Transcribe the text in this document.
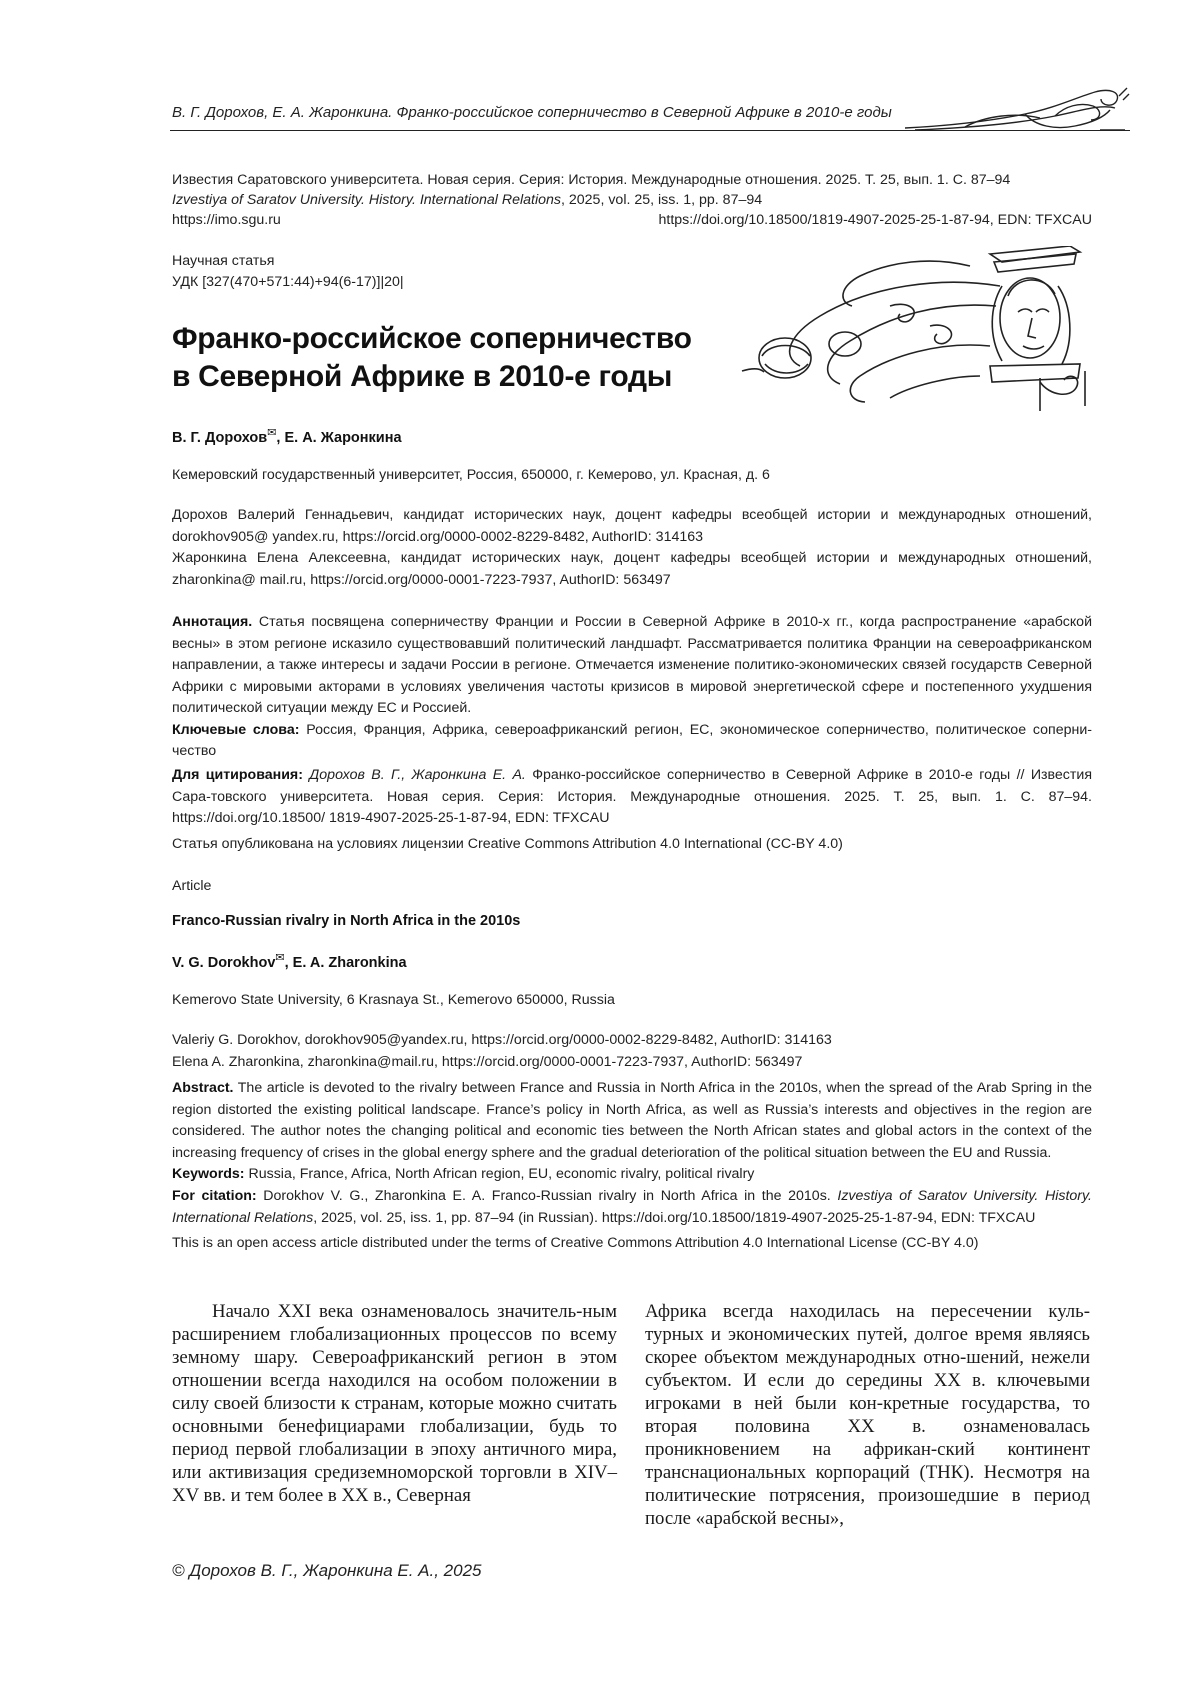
В. Г. Дорохов, Е. А. Жаронкина. Франко-российское соперничество в Северной Африке в 2010-е годы
Известия Саратовского университета. Новая серия. Серия: История. Международные отношения. 2025. Т. 25, вып. 1. С. 87–94
Izvestiya of Saratov University. History. International Relations, 2025, vol. 25, iss. 1, pp. 87–94
https://imo.sgu.ru	https://doi.org/10.18500/1819-4907-2025-25-1-87-94, EDN: TFXCAU
Научная статья
УДК [327(470+571:44)+94(6-17)]|20|
Франко-российское соперничество
в Северной Африке в 2010-е годы
В. Г. Дорохов✉, Е. А. Жаронкина
Кемеровский государственный университет, Россия, 650000, г. Кемерово, ул. Красная, д. 6
Дорохов Валерий Геннадьевич, кандидат исторических наук, доцент кафедры всеобщей истории и международных отношений, dorokhov905@ yandex.ru, https://orcid.org/0000-0002-8229-8482, AuthorID: 314163
Жаронкина Елена Алексеевна, кандидат исторических наук, доцент кафедры всеобщей истории и международных отношений, zharonkina@ mail.ru, https://orcid.org/0000-0001-7223-7937, AuthorID: 563497
Аннотация. Статья посвящена соперничеству Франции и России в Северной Африке в 2010-х гг., когда распространение «арабской весны» в этом регионе исказило существовавший политический ландшафт. Рассматривается политика Франции на североафриканском направлении, а также интересы и задачи России в регионе. Отмечается изменение политико-экономических связей государств Северной Африки с мировыми акторами в условиях увеличения частоты кризисов в мировой энергетической сфере и постепенного ухудшения политической ситуации между ЕС и Россией.
Ключевые слова: Россия, Франция, Африка, североафриканский регион, ЕС, экономическое соперничество, политическое соперни-чество
Для цитирования: Дорохов В. Г., Жаронкина Е. А. Франко-российское соперничество в Северной Африке в 2010-е годы // Известия Сара-товского университета. Новая серия. Серия: История. Международные отношения. 2025. Т. 25, вып. 1. С. 87–94. https://doi.org/10.18500/ 1819-4907-2025-25-1-87-94, EDN: TFXCAU
Статья опубликована на условиях лицензии Creative Commons Attribution 4.0 International (CC-BY 4.0)
Article
Franco-Russian rivalry in North Africa in the 2010s
V. G. Dorokhov✉, E. A. Zharonkina
Kemerovo State University, 6 Krasnaya St., Kemerovo 650000, Russia
Valeriy G. Dorokhov, dorokhov905@yandex.ru, https://orcid.org/0000-0002-8229-8482, AuthorID: 314163
Elena A. Zharonkina, zharonkina@mail.ru, https://orcid.org/0000-0001-7223-7937, AuthorID: 563497
Abstract. The article is devoted to the rivalry between France and Russia in North Africa in the 2010s, when the spread of the Arab Spring in the region distorted the existing political landscape. France’s policy in North Africa, as well as Russia’s interests and objectives in the region are considered. The author notes the changing political and economic ties between the North African states and global actors in the context of the increasing frequency of crises in the global energy sphere and the gradual deterioration of the political situation between the EU and Russia.
Keywords: Russia, France, Africa, North African region, EU, economic rivalry, political rivalry
For citation: Dorokhov V. G., Zharonkina E. A. Franco-Russian rivalry in North Africa in the 2010s. Izvestiya of Saratov University. History. International Relations, 2025, vol. 25, iss. 1, pp. 87–94 (in Russian). https://doi.org/10.18500/1819-4907-2025-25-1-87-94, EDN: TFXCAU
This is an open access article distributed under the terms of Creative Commons Attribution 4.0 International License (CC-BY 4.0)

Начало XXI века ознаменовалось значитель-ным расширением глобализационных процессов по всему земному шару. Североафриканский регион в этом отношении всегда находился на особом положении в силу своей близости к странам, которые можно считать основными бенефициарами глобализации, будь то период первой глобализации в эпоху античного мира, или активизация средиземноморской торговли в XIV–XV вв. и тем более в XX в., Северная

Африка всегда находилась на пересечении куль-турных и экономических путей, долгое время являясь скорее объектом международных отно-шений, нежели субъектом. И если до середины XX в. ключевыми игроками в ней были кон-кретные государства, то вторая половина XX в. ознаменовалась проникновением на африкан-ский континент транснациональных корпораций (ТНК). Несмотря на политические потрясения, произошедшие в период после «арабской весны»,

© Дорохов В. Г., Жаронкина Е. А., 2025
